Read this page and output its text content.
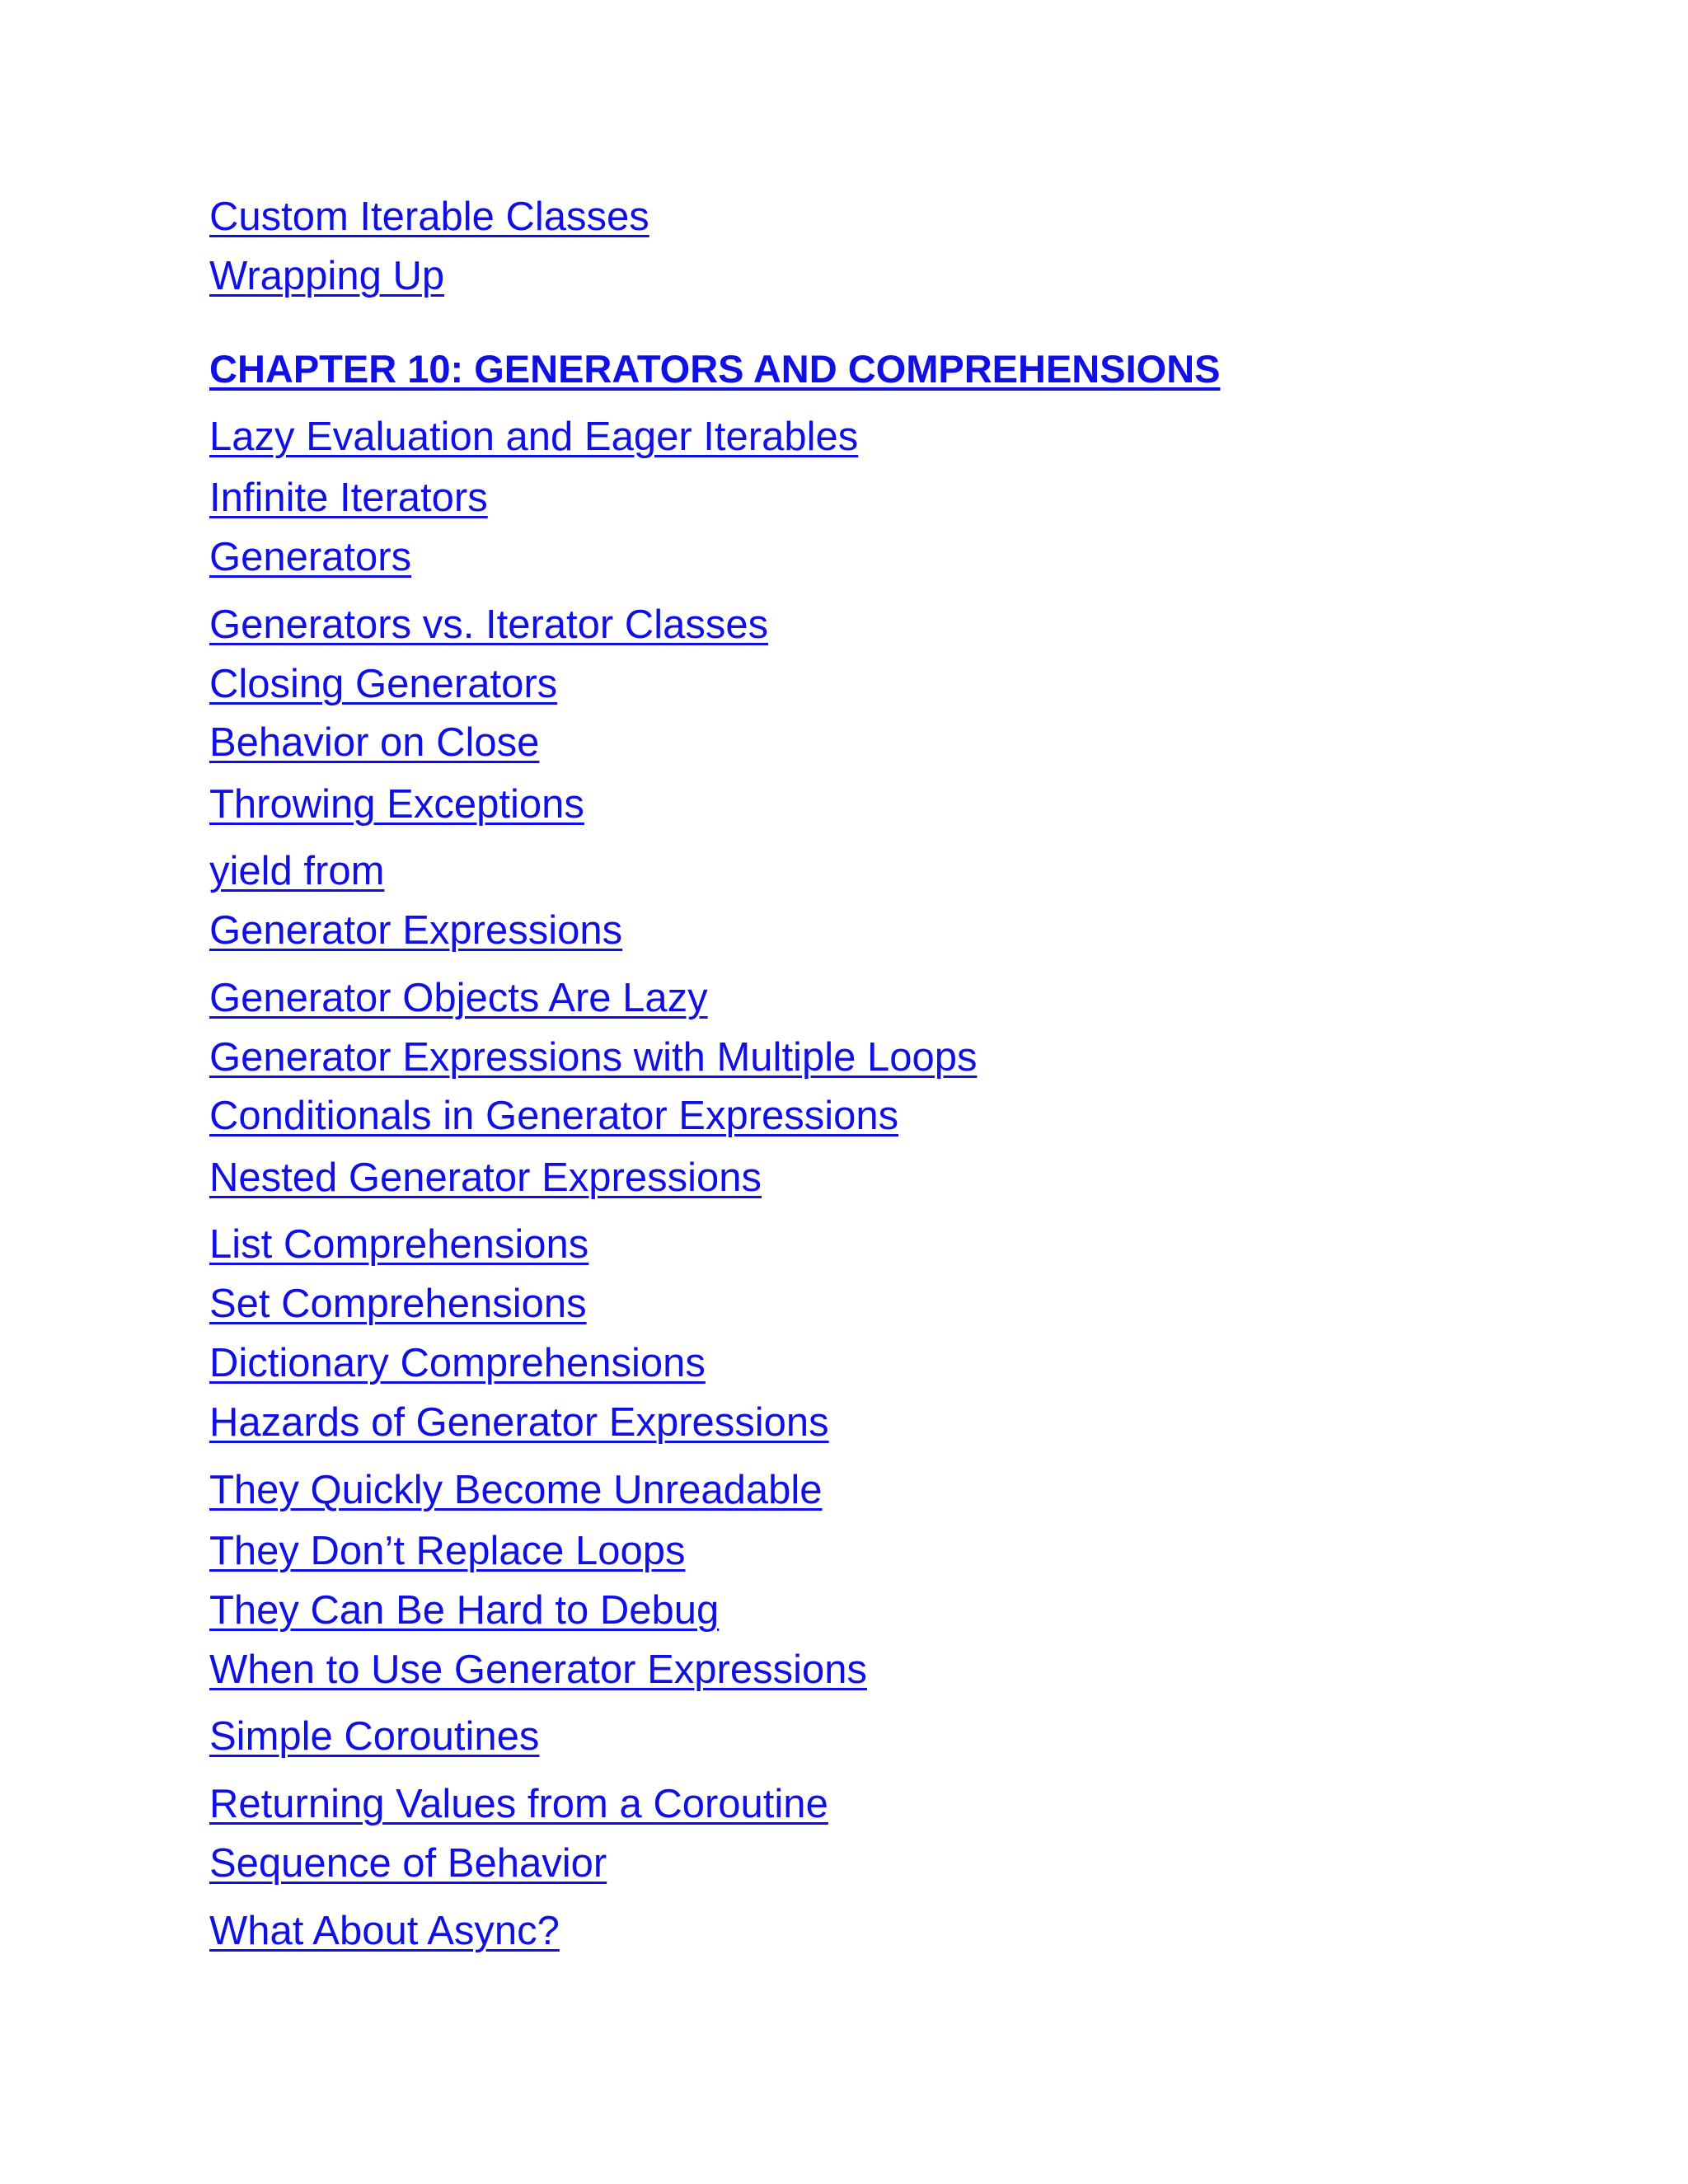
Custom Iterable Classes
Wrapping Up
CHAPTER 10: GENERATORS AND COMPREHENSIONS
Lazy Evaluation and Eager Iterables
Infinite Iterators
Generators
Generators vs. Iterator Classes
Closing Generators
Behavior on Close
Throwing Exceptions
yield from
Generator Expressions
Generator Objects Are Lazy
Generator Expressions with Multiple Loops
Conditionals in Generator Expressions
Nested Generator Expressions
List Comprehensions
Set Comprehensions
Dictionary Comprehensions
Hazards of Generator Expressions
They Quickly Become Unreadable
They Don’t Replace Loops
They Can Be Hard to Debug
When to Use Generator Expressions
Simple Coroutines
Returning Values from a Coroutine
Sequence of Behavior
What About Async?
